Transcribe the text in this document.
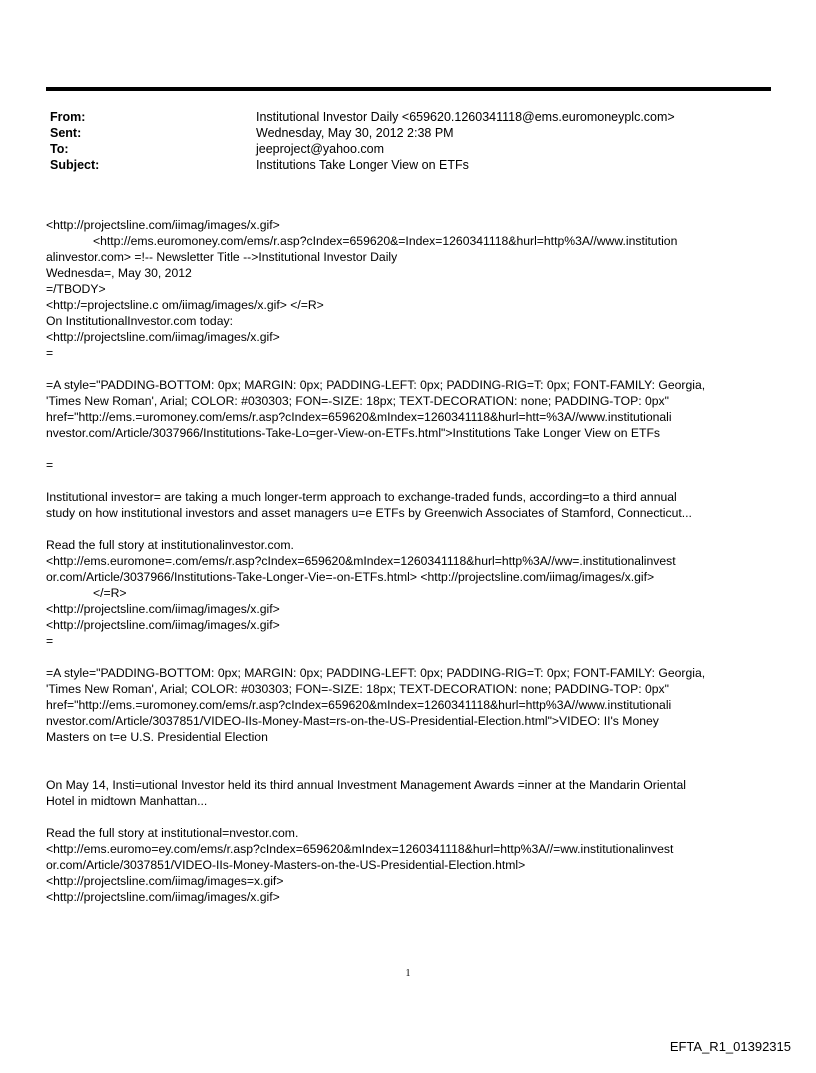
From:	Institutional Investor Daily <659620.1260341118@ems.euromoneyplc.com>
Sent:	Wednesday, May 30, 2012 2:38 PM
To:	jeeproject@yahoo.com
Subject:	Institutions Take Longer View on ETFs
<http://projectsline.com/iimag/images/x.gif>
<http://ems.euromoney.com/ems/r.asp?cIndex=659620&=Index=1260341118&hurl=http%3A//www.institution
alinvestor.com> =!-- Newsletter Title -->Institutional Investor Daily
Wednesda=, May 30, 2012
=/TBODY>
<http:/=projectsline.c om/iimag/images/x.gif> </=R>
On InstitutionalInvestor.com today:
<http://projectsline.com/iimag/images/x.gif>
=
=A style="PADDING-BOTTOM: 0px; MARGIN: 0px; PADDING-LEFT: 0px; PADDING-RIG=T: 0px; FONT-FAMILY: Georgia,
'Times New Roman', Arial; COLOR: #030303; FON=-SIZE: 18px; TEXT-DECORATION: none; PADDING-TOP: 0px"
href="http://ems.=uromoney.com/ems/r.asp?cIndex=659620&mIndex=1260341118&hurl=htt=%3A//www.institutionali
nvestor.com/Article/3037966/Institutions-Take-Lo=ger-View-on-ETFs.html">Institutions Take Longer View on ETFs
=
Institutional investor= are taking a much longer-term approach to exchange-traded funds, according=to a third annual
study on how institutional investors and asset managers u=e ETFs by Greenwich Associates of Stamford, Connecticut...
Read the full story at institutionalinvestor.com.
<http://ems.euromone=.com/ems/r.asp?cIndex=659620&mIndex=1260341118&hurl=http%3A//ww=.institutionalinvest
or.com/Article/3037966/Institutions-Take-Longer-Vie=-on-ETFs.html> <http://projectsline.com/iimag/images/x.gif>
</=R>
<http://projectsline.com/iimag/images/x.gif>
<http://projectsline.com/iimag/images/x.gif>
=
=A style="PADDING-BOTTOM: 0px; MARGIN: 0px; PADDING-LEFT: 0px; PADDING-RIG=T: 0px; FONT-FAMILY: Georgia,
'Times New Roman', Arial; COLOR: #030303; FON=-SIZE: 18px; TEXT-DECORATION: none; PADDING-TOP: 0px"
href="http://ems.=uromoney.com/ems/r.asp?cIndex=659620&mIndex=1260341118&hurl=http%3A//www.institutionali
nvestor.com/Article/3037851/VIDEO-IIs-Money-Mast=rs-on-the-US-Presidential-Election.html">VIDEO: II's Money
Masters on t=e U.S. Presidential Election
On May 14, Insti=utional Investor held its third annual Investment Management Awards =inner at the Mandarin Oriental
Hotel in midtown Manhattan...
Read the full story at institutional=nvestor.com.
<http://ems.euromo=ey.com/ems/r.asp?cIndex=659620&mIndex=1260341118&hurl=http%3A//=ww.institutionalinvest
or.com/Article/3037851/VIDEO-IIs-Money-Masters-on-the-US-Presidential-Election.html>
<http://projectsline.com/iimag/images=x.gif>
<http://projectsline.com/iimag/images/x.gif>
1
EFTA_R1_01392315
